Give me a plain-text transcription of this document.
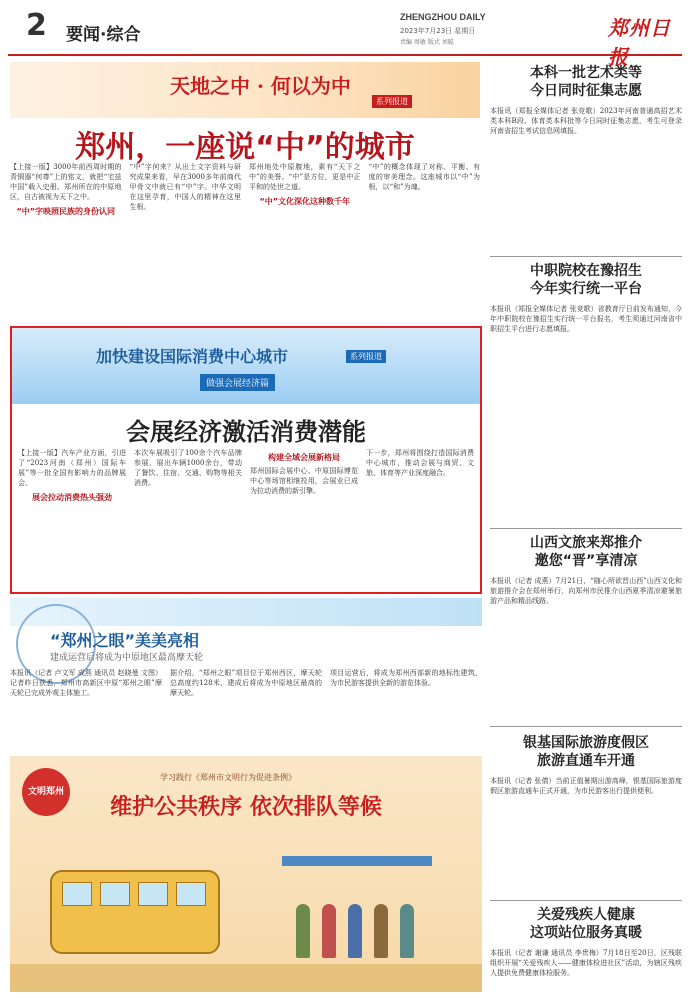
2 要闻·综合
ZHENGZHOU DAILY
2023年7月23日 星期日
责编 周敏 版式 刘聪
郑州日报
天地之中 · 何以为中
系列报道
郑州，一座说“中”的城市

【上接一版】3000年前西周时期的青铜器“何尊”上的铭文，就把“宅兹中国”载入史册。郑州所在的中原地区，自古被视为天下之中。

“中”字映照民族的身份认同

“中”字何来？从出土文字资料与研究成果来看，早在3000多年前商代甲骨文中就已有“中”字。中华文明在这里孕育，中国人的精神在这里生根。

郑州地处中原腹地，素有“天下之中”的美誉。“中”是方位，更是中正平和的处世之道。

“中”文化深化这种数千年

“中”的概念体现了对称、平衡、有度的审美理念。这座城市以“中”为根，以“和”为魂。

加快建设国际消费中心城市	系列报道
做强会展经济篇
会展经济激活消费潜能

【上接一版】汽车产业方面，引进了“2023河南（郑州）国际车展”等一批全国有影响力的品牌展会。

展会拉动消费热头强劲

本次车展吸引了100余个汽车品牌参展，展出车辆1000余台，带动了餐饮、住宿、交通、购物等相关消费。

构建全域会展新格局

郑州国际会展中心、中原国际博览中心等场馆相继投用，会展业已成为拉动消费的新引擎。

下一步，郑州将围绕打造国际消费中心城市，推动会展与商贸、文旅、体育等产业深度融合。

“郑州之眼”美美亮相
建成运营后将成为中原地区最高摩天轮
本报讯（记者 卢文军 成燕 通讯员 赵晓曼 文图）记者昨日获悉，郑州市高新区中原“郑州之眼”摩天轮已完成外观主体施工。
据介绍，“郑州之眼”项目位于郑州西区，摩天轮总高度约128米，建成后将成为中原地区最高的摩天轮。
项目运营后，将成为郑州西部新的地标性建筑，为市民游客提供全新的游览体验。
文明郑州
学习践行《郑州市文明行为促进条例》
维护公共秩序 依次排队等候
本科一批艺术类等
今日同时征集志愿
本报讯（郑报全媒体记者 张竞歌）2023年河南普通高招艺术类本科B段、体育类本科批等今日同时征集志愿，考生可登录河南省招生考试信息网填报。
中职院校在豫招生
今年实行统一平台
本报讯（郑报全媒体记者 张竞歌）省教育厅日前发布通知，今年中职院校在豫招生实行统一平台报名，考生须通过河南省中职招生平台进行志愿填报。
山西文旅来郑推介
邀您“晋”享清凉
本报讯（记者 成燕）7月21日，“随心所欲晋山西”山西文化和旅游推介会在郑州举行，向郑州市民推介山西夏季清凉避暑旅游产品和精品线路。
银基国际旅游度假区
旅游直通车开通
本报讯（记者 张倩）当前正值暑期出游高峰，银基国际旅游度假区旅游直通车正式开通，为市民游客出行提供便利。
关爱残疾人健康
这项站位服务真暖
本报讯（记者 谢谦 通讯员 李贵梅）7月18日至20日，区残联组织开展“关爱残疾人——健康体检进社区”活动，为辖区残疾人提供免费健康体检服务。
